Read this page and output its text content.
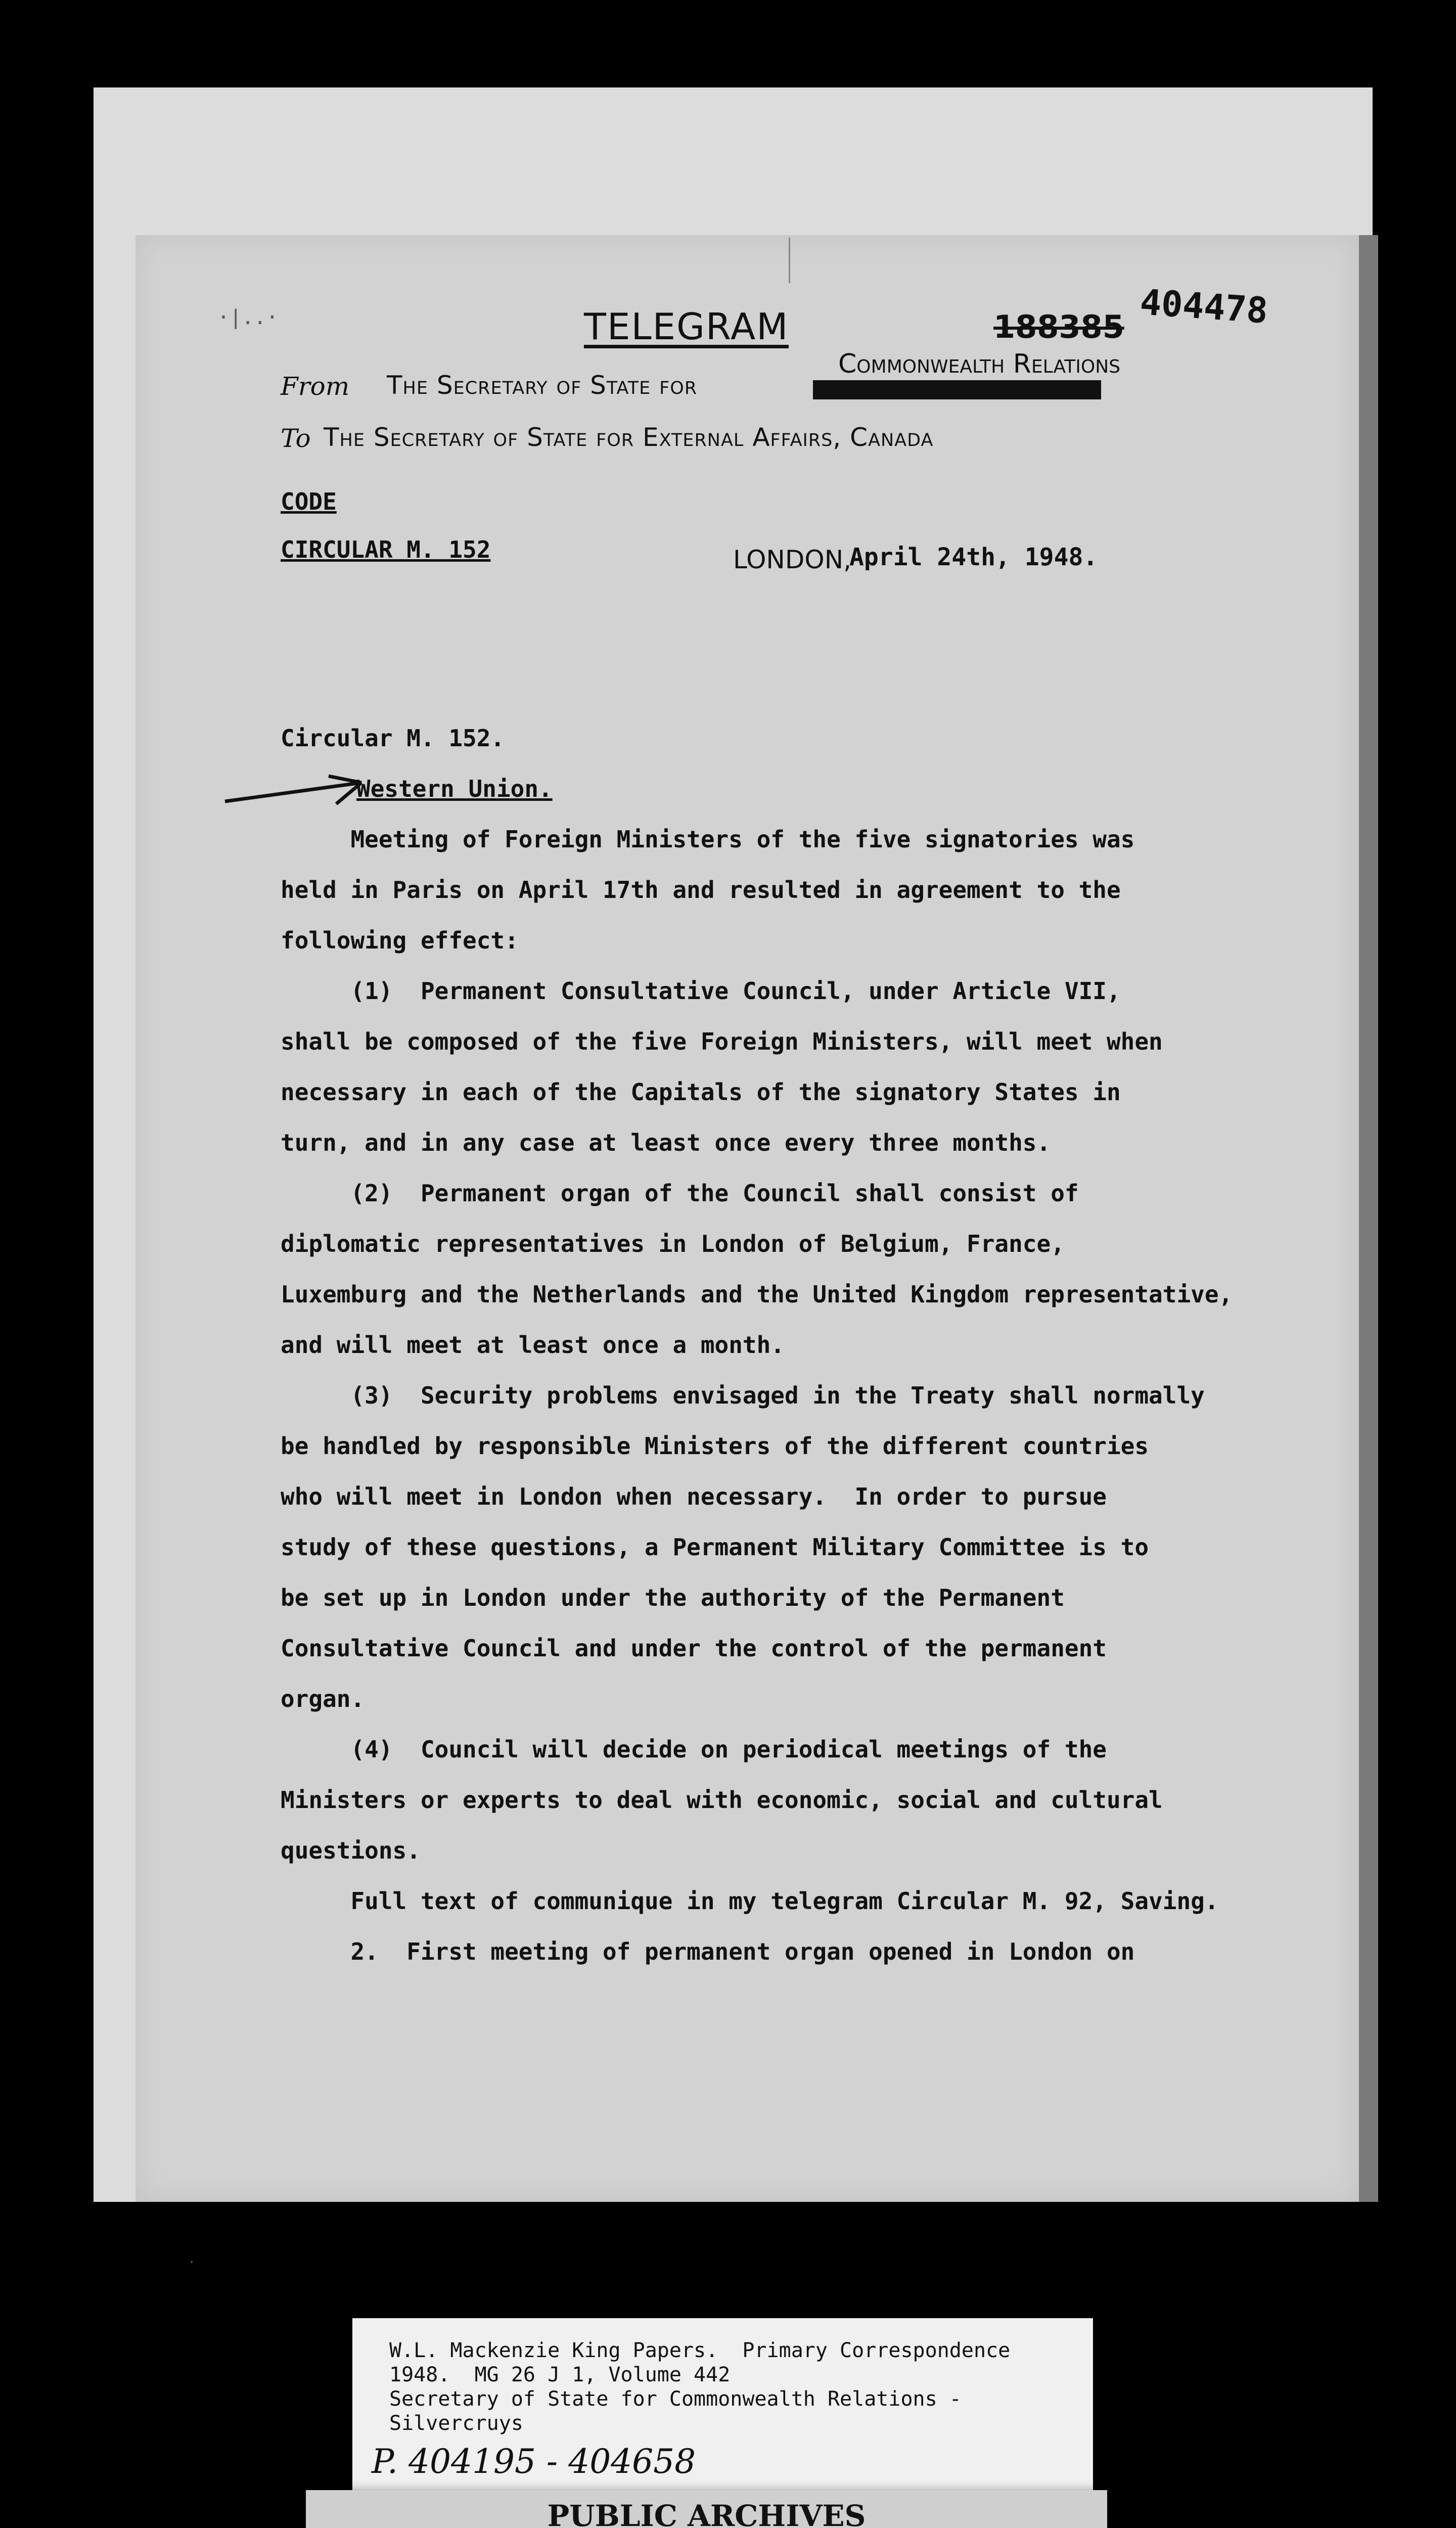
·|..·	TELEGRAM	188385 404478
Commonwealth Relations
From The Secretary of State for
To The Secretary of State for External Affairs, Canada
CODE
CIRCULAR M. 152	LONDON,
April 24th, 1948.

Circular M. 152.

Western Union.

Meeting of Foreign Ministers of the five signatories was

held in Paris on April 17th and resulted in agreement to the

following effect:

(1)  Permanent Consultative Council, under Article VII,

shall be composed of the five Foreign Ministers, will meet when

necessary in each of the Capitals of the signatory States in

turn, and in any case at least once every three months.

(2)  Permanent organ of the Council shall consist of

diplomatic representatives in London of Belgium, France,

Luxemburg and the Netherlands and the United Kingdom representative,

and will meet at least once a month.

(3)  Security problems envisaged in the Treaty shall normally

be handled by responsible Ministers of the different countries

who will meet in London when necessary.  In order to pursue

study of these questions, a Permanent Military Committee is to

be set up in London under the authority of the Permanent

Consultative Council and under the control of the permanent

organ.

(4)  Council will decide on periodical meetings of the

Ministers or experts to deal with economic, social and cultural

questions.

Full text of communique in my telegram Circular M. 92, Saving.

2.  First meeting of permanent organ opened in London on

·
W.L. Mackenzie King Papers.  Primary Correspondence
1948.  MG 26 J 1, Volume 442
Secretary of State for Commonwealth Relations -
Silvercruys
P. 404195 - 404658
PUBLIC ARCHIVES
